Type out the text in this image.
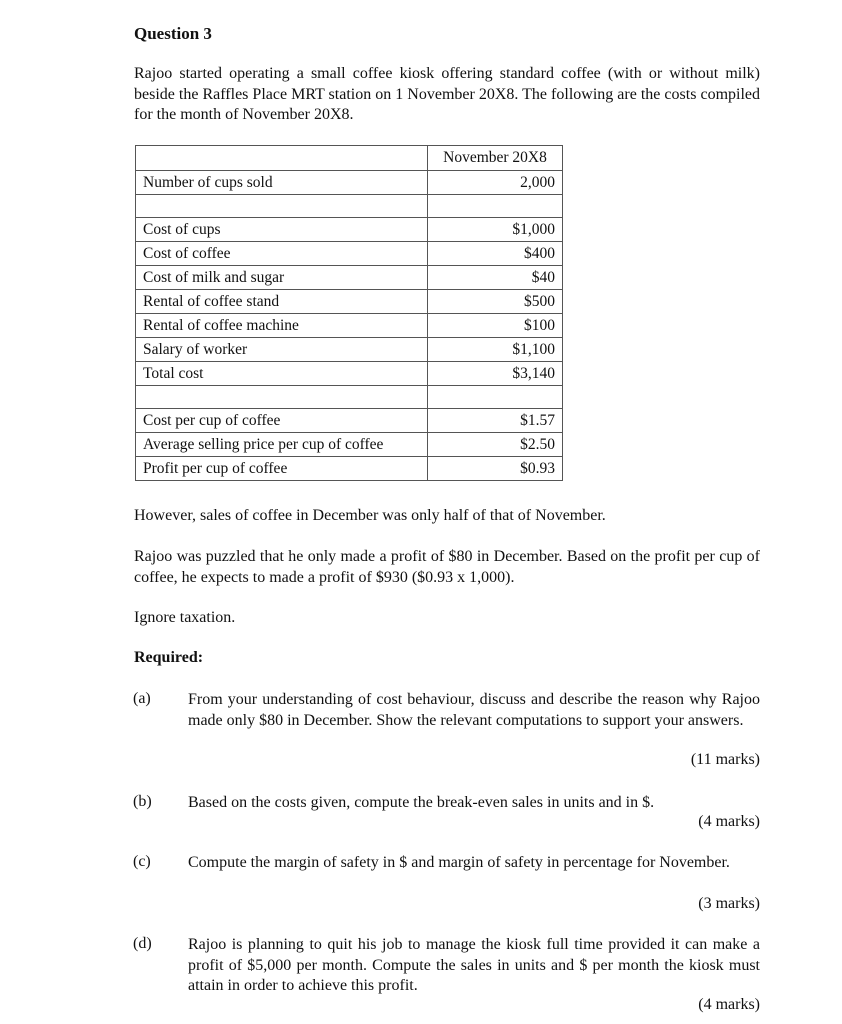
Question 3
Rajoo started operating a small coffee kiosk offering standard coffee (with or without milk) beside the Raffles Place MRT station on 1 November 20X8. The following are the costs compiled for the month of November 20X8.
	November 20X8
Number of cups sold	2,000

Cost of cups	$1,000
Cost of coffee	$400
Cost of milk and sugar	$40
Rental of coffee stand	$500
Rental of coffee machine	$100
Salary of worker	$1,100
Total cost	$3,140

Cost per cup of coffee	$1.57
Average selling price per cup of coffee	$2.50
Profit per cup of coffee	$0.93
However, sales of coffee in December was only half of that of November.
Rajoo was puzzled that he only made a profit of $80 in December. Based on the profit per cup of coffee, he expects to made a profit of $930 ($0.93 x 1,000).
Ignore taxation.
Required:
(a) From your understanding of cost behaviour, discuss and describe the reason why Rajoo made only $80 in December. Show the relevant computations to support your answers.
(11 marks)
(b) Based on the costs given, compute the break-even sales in units and in $.
(4 marks)
(c) Compute the margin of safety in $ and margin of safety in percentage for November.
(3 marks)
(d) Rajoo is planning to quit his job to manage the kiosk full time provided it can make a profit of $5,000 per month. Compute the sales in units and $ per month the kiosk must attain in order to achieve this profit.
(4 marks)
